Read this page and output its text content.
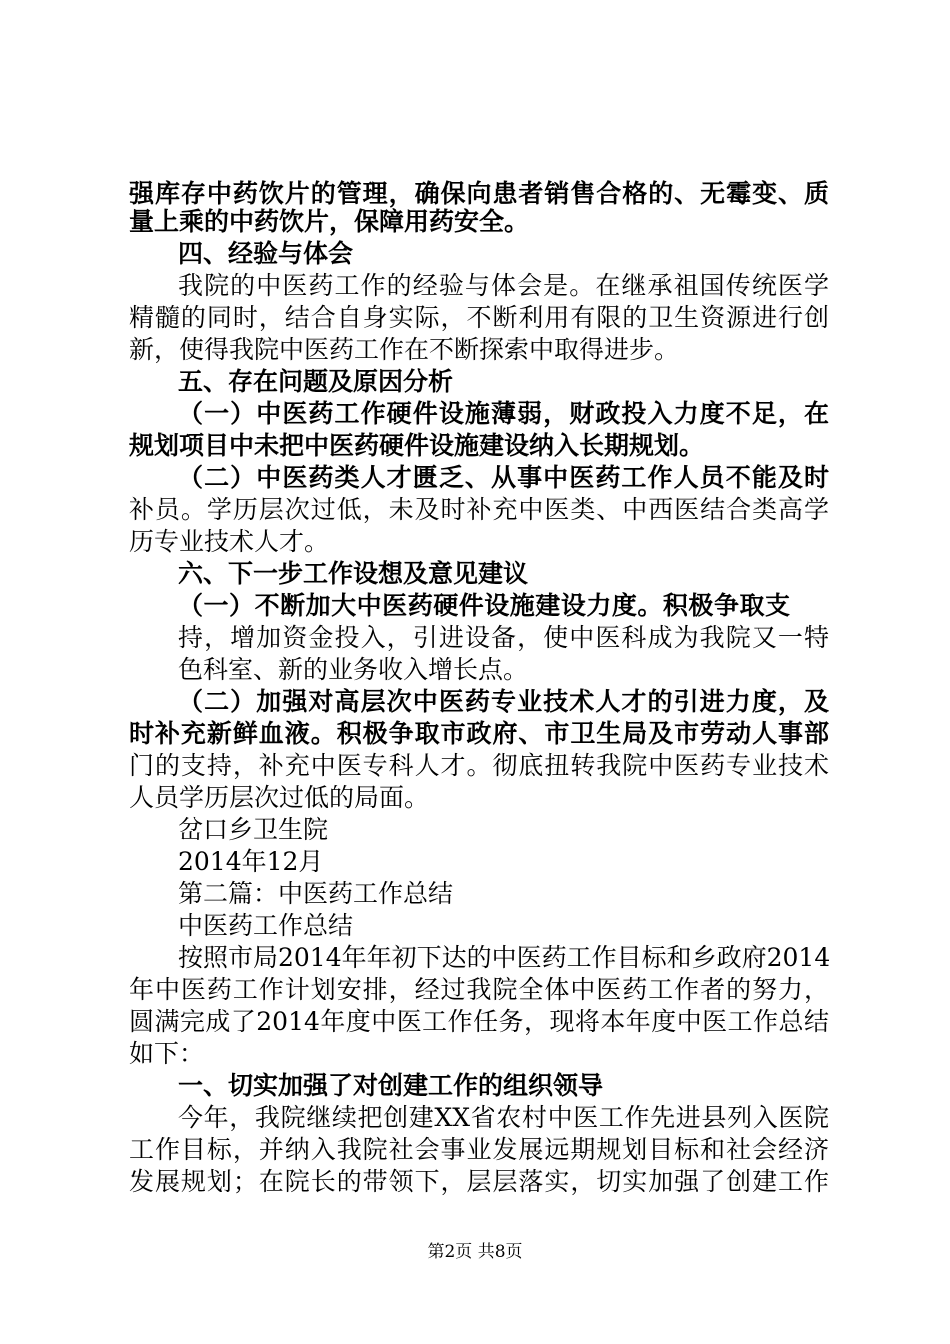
强库存中药饮片的管理，确保向患者销售合格的、无霉变、质
量上乘的中药饮片，保障用药安全。
四、经验与体会
我院的中医药工作的经验与体会是。在继承祖国传统医学
精髓的同时，结合自身实际，不断利用有限的卫生资源进行创
新，使得我院中医药工作在不断探索中取得进步。
五、存在问题及原因分析
（一）中医药工作硬件设施薄弱，财政投入力度不足，在
规划项目中未把中医药硬件设施建设纳入长期规划。
（二）中医药类人才匮乏、从事中医药工作人员不能及时
补员。学历层次过低，未及时补充中医类、中西医结合类高学
历专业技术人才。
六、下一步工作设想及意见建议
（一）不断加大中医药硬件设施建设力度。积极争取支
持，增加资金投入，引进设备，使中医科成为我院又一特
色科室、新的业务收入增长点。
（二）加强对高层次中医药专业技术人才的引进力度，及
时补充新鲜血液。积极争取市政府、市卫生局及市劳动人事部
门的支持，补充中医专科人才。彻底扭转我院中医药专业技术
人员学历层次过低的局面。
岔口乡卫生院
2014年12月
第二篇：中医药工作总结
中医药工作总结
按照市局2014年年初下达的中医药工作目标和乡政府2014
年中医药工作计划安排，经过我院全体中医药工作者的努力，
圆满完成了2014年度中医工作任务，现将本年度中医工作总结
如下：
一、切实加强了对创建工作的组织领导
今年，我院继续把创建XX省农村中医工作先进县列入医院
工作目标，并纳入我院社会事业发展远期规划目标和社会经济
发展规划；在院长的带领下，层层落实，切实加强了创建工作
第2页 共8页
